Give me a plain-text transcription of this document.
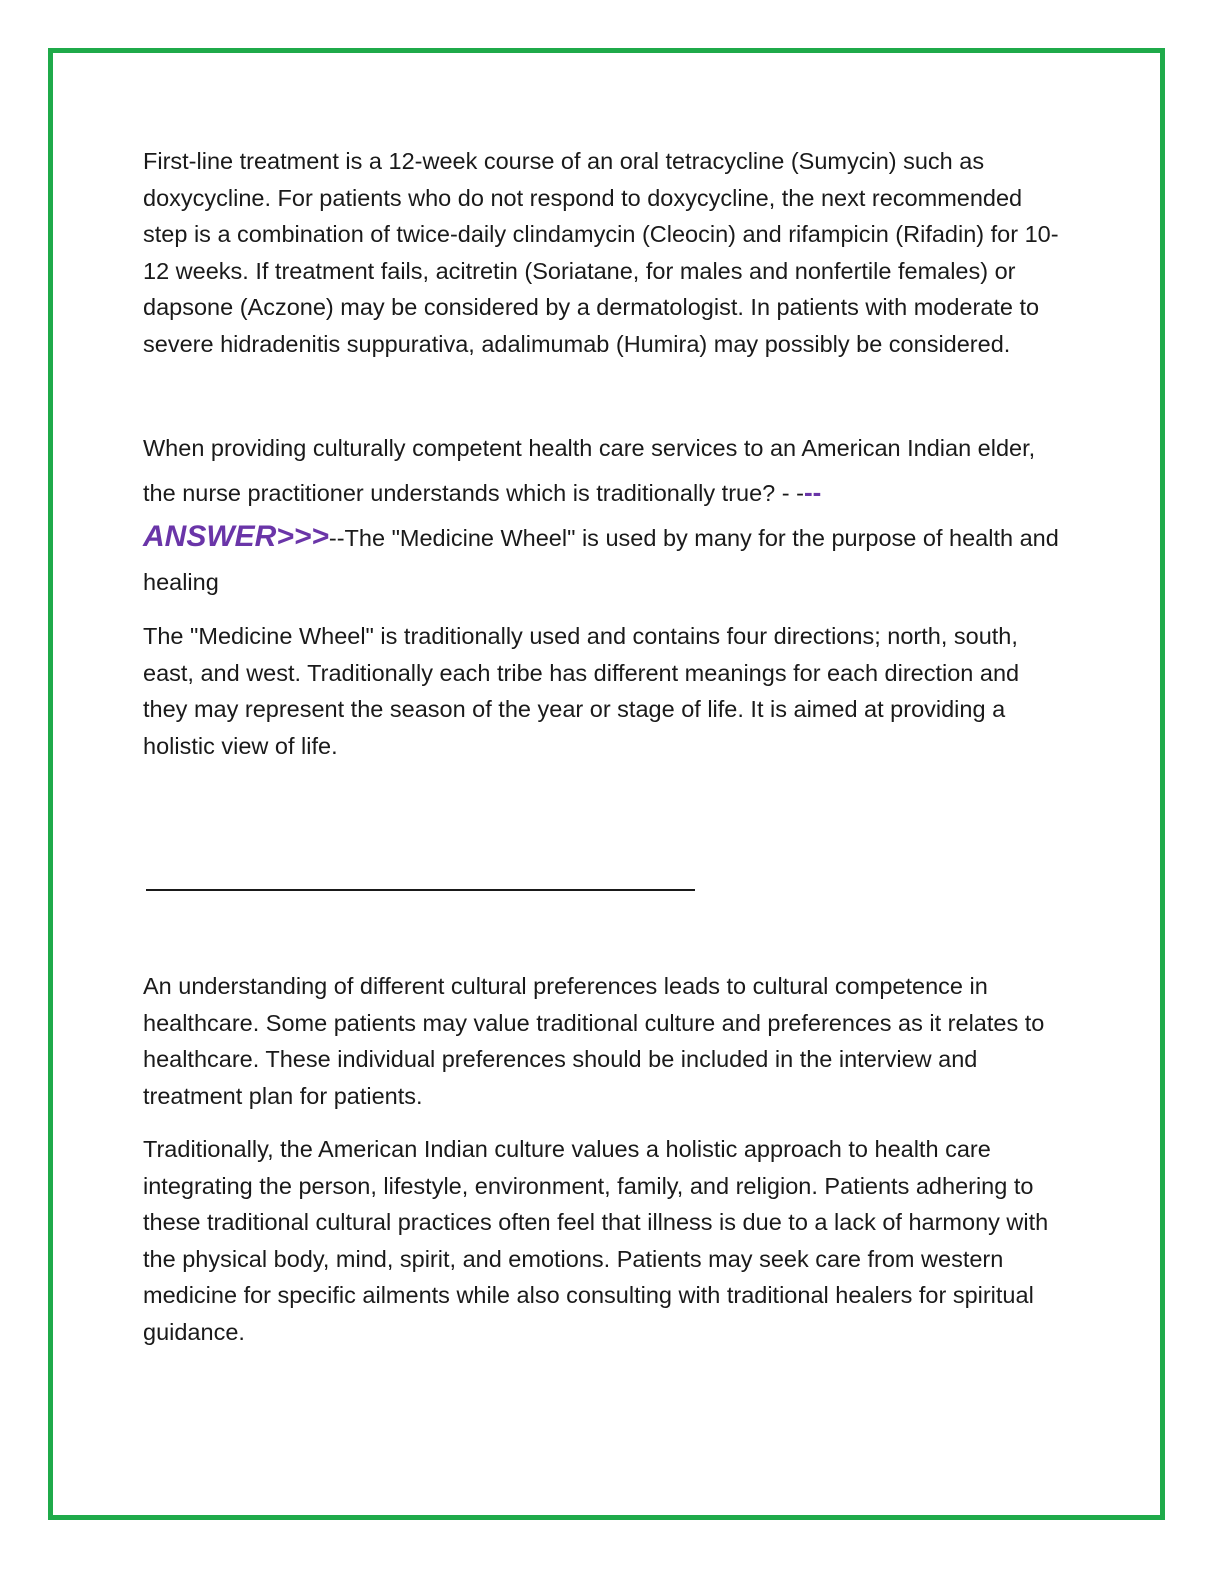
First-line treatment is a 12-week course of an oral tetracycline (Sumycin) such as doxycycline. For patients who do not respond to doxycycline, the next recommended step is a combination of twice-daily clindamycin (Cleocin) and rifampicin (Rifadin) for 10-12 weeks. If treatment fails, acitretin (Soriatane, for males and nonfertile females) or dapsone (Aczone) may be considered by a dermatologist. In patients with moderate to severe hidradenitis suppurativa, adalimumab (Humira) may possibly be considered.

When providing culturally competent health care services to an American Indian elder, the nurse practitioner understands which is traditionally true? - ---
ANSWER>>>--The "Medicine Wheel" is used by many for the purpose of health and healing

The "Medicine Wheel" is traditionally used and contains four directions; north, south, east, and west. Traditionally each tribe has different meanings for each direction and they may represent the season of the year or stage of life. It is aimed at providing a holistic view of life.

An understanding of different cultural preferences leads to cultural competence in healthcare. Some patients may value traditional culture and preferences as it relates to healthcare. These individual preferences should be included in the interview and treatment plan for patients.

Traditionally, the American Indian culture values a holistic approach to health care integrating the person, lifestyle, environment, family, and religion. Patients adhering to these traditional cultural practices often feel that illness is due to a lack of harmony with the physical body, mind, spirit, and emotions. Patients may seek care from western medicine for specific ailments while also consulting with traditional healers for spiritual guidance.
